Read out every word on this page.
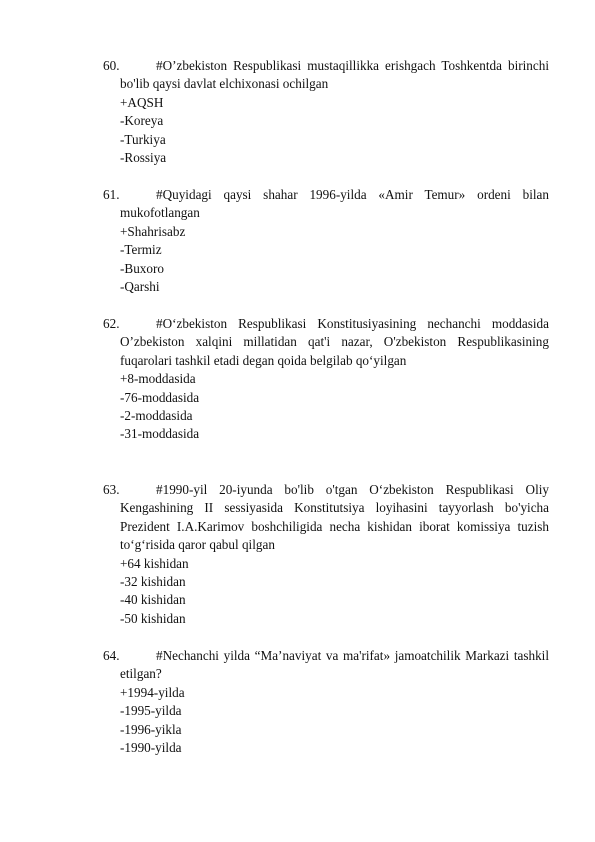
60.	#O’zbekiston Respublikasi mustaqillikka erishgach Toshkentda birinchi bo'lib qaysi davlat elchixonasi ochilgan
+AQSH
-Koreya
-Turkiya
-Rossiya
61.	#Quyidagi qaysi shahar 1996-yilda «Amir Temur» ordeni bilan mukofotlangan
+Shahrisabz
-Termiz
-Buxoro
-Qarshi
62.	#O‘zbekiston Respublikasi Konstitusiyasining nechanchi moddasida O’zbekiston xalqini millatidan qat'i nazar, O'zbekiston Respublikasining fuqarolari tashkil etadi degan qoida belgilab qo‘yilgan
+8-moddasida
-76-moddasida
-2-moddasida
-31-moddasida
63.	#1990-yil 20-iyunda bo'lib o'tgan O‘zbekiston Respublikasi Oliy Kengashining II sessiyasida Konstitutsiya loyihasini tayyorlash bo'yicha Prezident I.A.Karimov boshchiligida necha kishidan iborat komissiya tuzish to‘g‘risida qaror qabul qilgan
+64 kishidan
-32 kishidan
-40 kishidan
-50 kishidan
64.	#Nechanchi yilda “Ma’naviyat va ma'rifat» jamoatchilik Markazi tashkil etilgan?
+1994-yilda
-1995-yilda
-1996-yikla
-1990-yilda
